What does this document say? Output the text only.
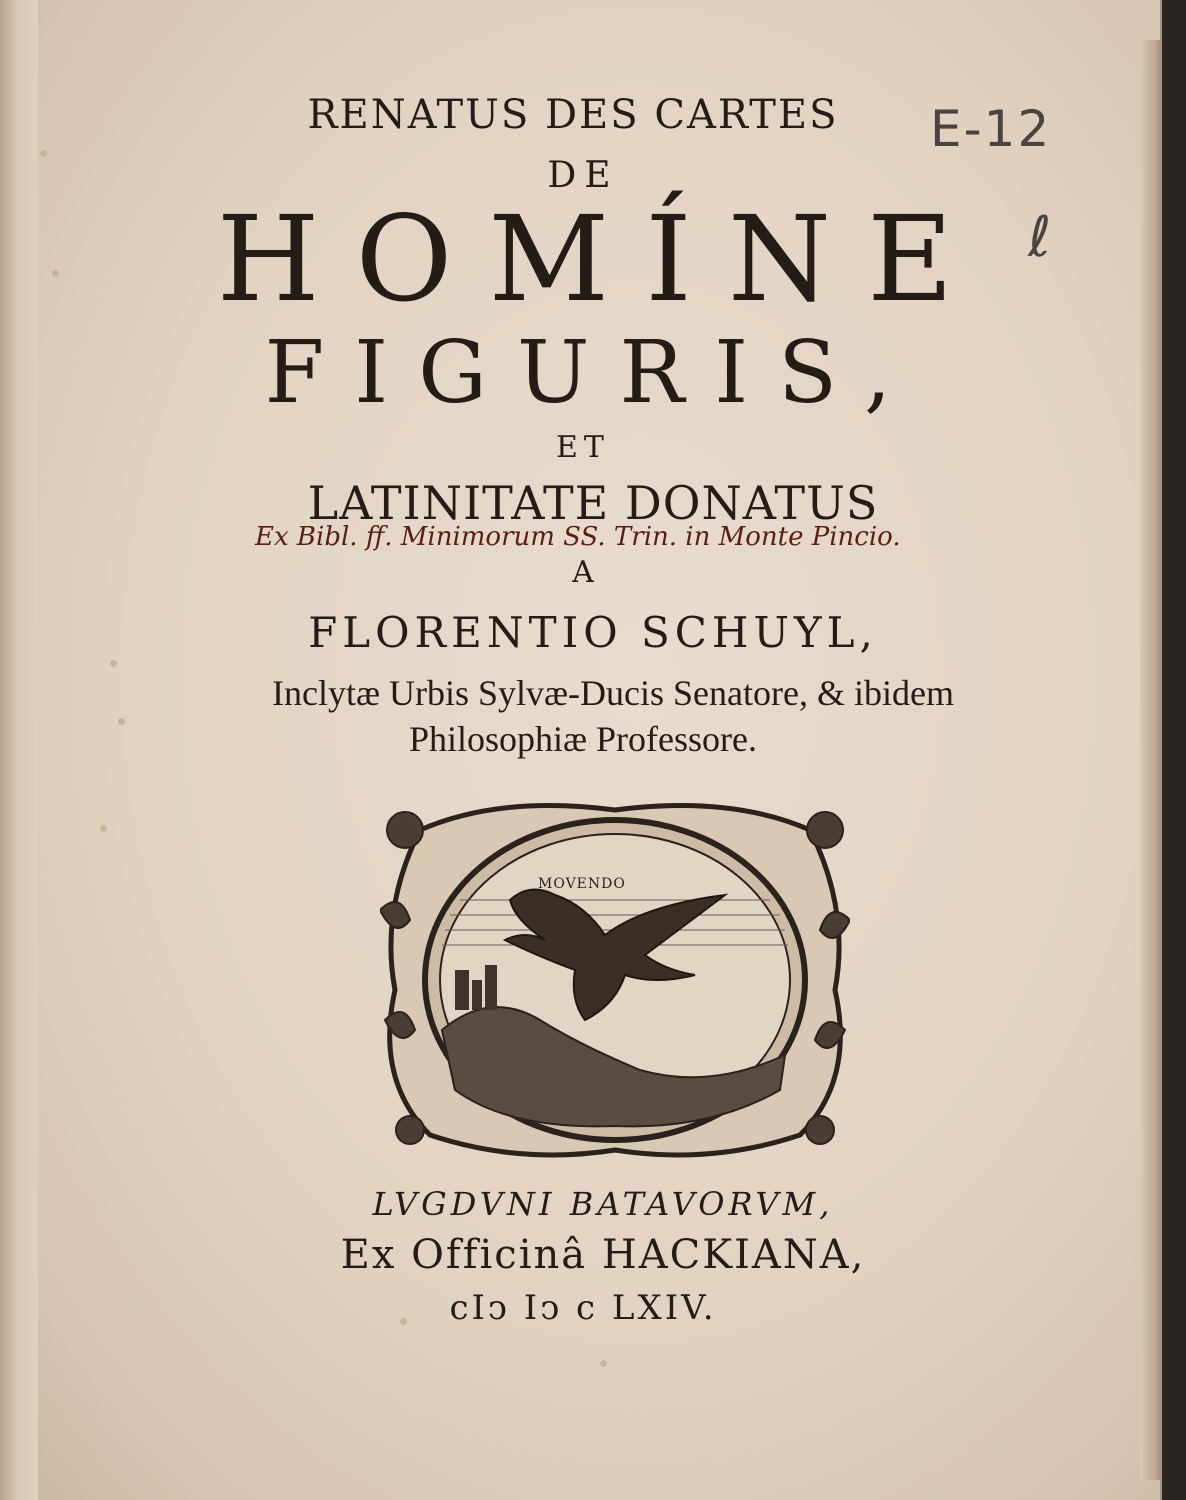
RENATUS DES CARTES
DE
HOMÍNE
FIGURIS,
ET
LATINITATE DONATUS
Ex Bibl. ff. Minimorum SS. Trin. in Monte Pincio.
A
FLORENTIO SCHUYL,
Inclytæ Urbis Sylvæ-Ducis Senatore, & ibidem
Philosophiæ Professore.
E-12
ℓ
MOVENDO
LVGDVNI BATAVORVM,
Ex Officinâ HACKIANA,
cIↄ Iↄ c LXIV.
